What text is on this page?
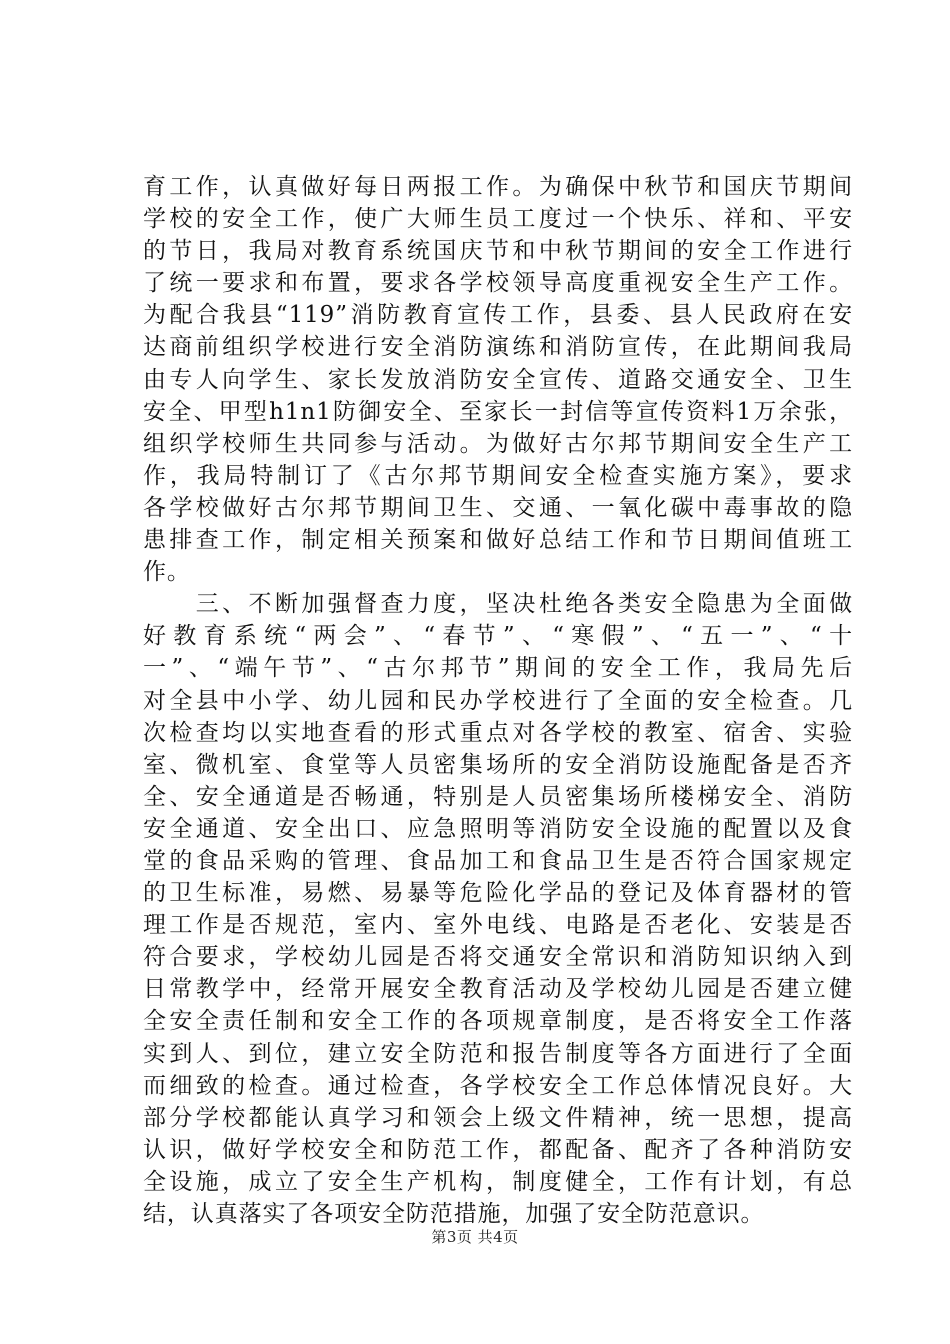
育工作，认真做好每日两报工作。为确保中秋节和国庆节期间
学校的安全工作，使广大师生员工度过一个快乐、祥和、平安
的节日，我局对教育系统国庆节和中秋节期间的安全工作进行
了统一要求和布置，要求各学校领导高度重视安全生产工作。
为配合我县“119”消防教育宣传工作，县委、县人民政府在安
达商前组织学校进行安全消防演练和消防宣传，在此期间我局
由专人向学生、家长发放消防安全宣传、道路交通安全、卫生
安全、甲型h1n1防御安全、至家长一封信等宣传资料1万余张，
组织学校师生共同参与活动。为做好古尔邦节期间安全生产工
作，我局特制订了《古尔邦节期间安全检查实施方案》，要求
各学校做好古尔邦节期间卫生、交通、一氧化碳中毒事故的隐
患排查工作，制定相关预案和做好总结工作和节日期间值班工
作。
　　三、不断加强督查力度，坚决杜绝各类安全隐患为全面做
好教育系统“两会”、“春节”、“寒假”、“五一”、“十
一”、“端午节”、“古尔邦节”期间的安全工作，我局先后
对全县中小学、幼儿园和民办学校进行了全面的安全检查。几
次检查均以实地查看的形式重点对各学校的教室、宿舍、实验
室、微机室、食堂等人员密集场所的安全消防设施配备是否齐
全、安全通道是否畅通，特别是人员密集场所楼梯安全、消防
安全通道、安全出口、应急照明等消防安全设施的配置以及食
堂的食品采购的管理、食品加工和食品卫生是否符合国家规定
的卫生标准，易燃、易暴等危险化学品的登记及体育器材的管
理工作是否规范，室内、室外电线、电路是否老化、安装是否
符合要求，学校幼儿园是否将交通安全常识和消防知识纳入到
日常教学中，经常开展安全教育活动及学校幼儿园是否建立健
全安全责任制和安全工作的各项规章制度，是否将安全工作落
实到人、到位，建立安全防范和报告制度等各方面进行了全面
而细致的检查。通过检查，各学校安全工作总体情况良好。大
部分学校都能认真学习和领会上级文件精神，统一思想，提高
认识，做好学校安全和防范工作，都配备、配齐了各种消防安
全设施，成立了安全生产机构，制度健全，工作有计划，有总
结，认真落实了各项安全防范措施，加强了安全防范意识。
第3页 共4页
